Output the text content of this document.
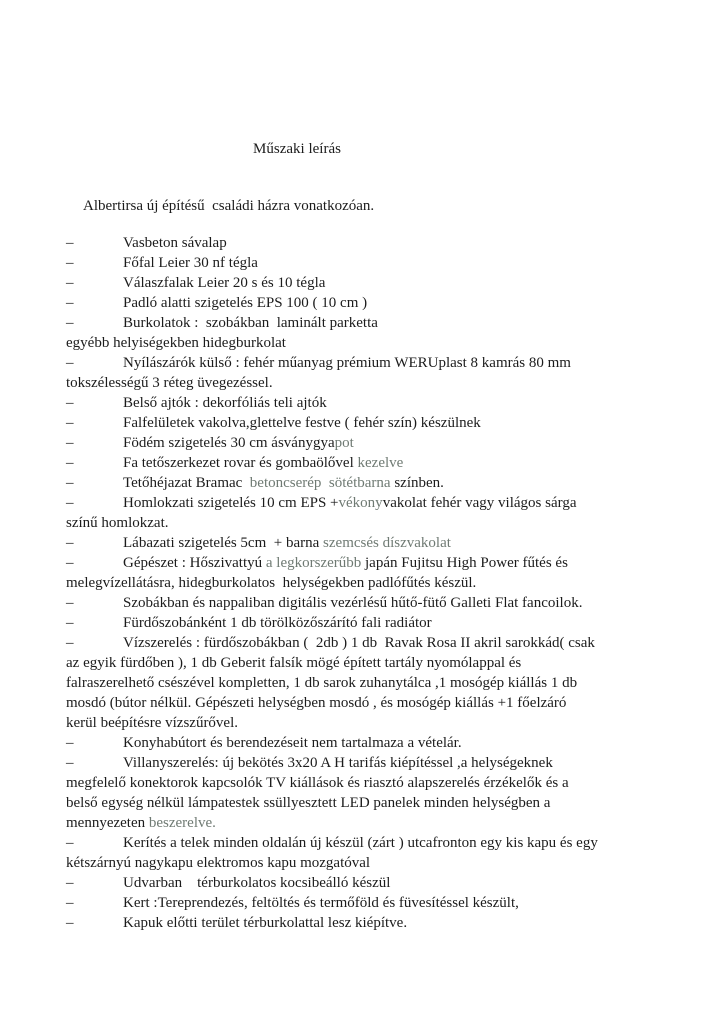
Műszaki leírás
Albertirsa új építésű  családi házra vonatkozóan.
–	Vasbeton sávalap
–	Főfal Leier 30 nf tégla
–	Válaszfalak Leier 20 s és 10 tégla
–	Padló alatti szigetelés EPS 100 ( 10 cm )
–	Burkolatok :  szobákban  laminált parketta
egyébb helyiségekben hidegburkolat
–	Nyílászárók külső : fehér műanyag prémium WERUplast 8 kamrás 80 mm
tokszélességű 3 réteg üvegezéssel.
–	Belső ajtók : dekorfóliás teli ajtók
–	Falfelületek vakolva,glettelve festve ( fehér szín) készülnek
–	Födém szigetelés 30 cm ásványgyapot
–	Fa tetőszerkezet rovar és gombaölővel kezelve
–	Tetőhéjazat Bramac  betoncserép  sötétbarna színben.
–	Homlokzati szigetelés 10 cm EPS +vékonyvakolat fehér vagy világos sárga
színű homlokzat.
–	Lábazati szigetelés 5cm  + barna szemcsés díszvakolat
–	Gépészet : Hőszivattyú a legkorszerűbb japán Fujitsu High Power fűtés és
melegvízellátásra, hidegburkolatos  helységekben padlófűtés készül.
–	Szobákban és nappaliban digitális vezérlésű hűtő-fütő Galleti Flat fancoilok.
–	Fürdőszobánként 1 db törölközőszárító fali radiátor
–	Vízszerelés : fürdőszobákban (  2db ) 1 db  Ravak Rosa II akril sarokkád( csak
az egyik fürdőben ), 1 db Geberit falsík mögé épített tartály nyomólappal és
falraszerelhető csészével kompletten, 1 db sarok zuhanytálca ,1 mosógép kiállás 1 db
mosdó (bútor nélkül. Gépészeti helységben mosdó , és mosógép kiállás +1 főelzáró
kerül beépítésre vízszűrővel.
–	Konyhabútort és berendezéseit nem tartalmaza a vételár.
–	Villanyszerelés: új bekötés 3x20 A H tarifás kiépítéssel ,a helységeknek
megfelelő konektorok kapcsolók TV kiállások és riasztó alapszerelés érzékelők és a
belső egység nélkül lámpatestek ssüllyesztett LED panelek minden helységben a
mennyezeten beszerelve.
–	Kerítés a telek minden oldalán új készül (zárt ) utcafronton egy kis kapu és egy
kétszárnyú nagykapu elektromos kapu mozgatóval
–	Udvarban    térburkolatos kocsibeálló készül
–	Kert :Tereprendezés, feltöltés és termőföld és füvesítéssel készült,
–	Kapuk előtti terület térburkolattal lesz kiépítve.
